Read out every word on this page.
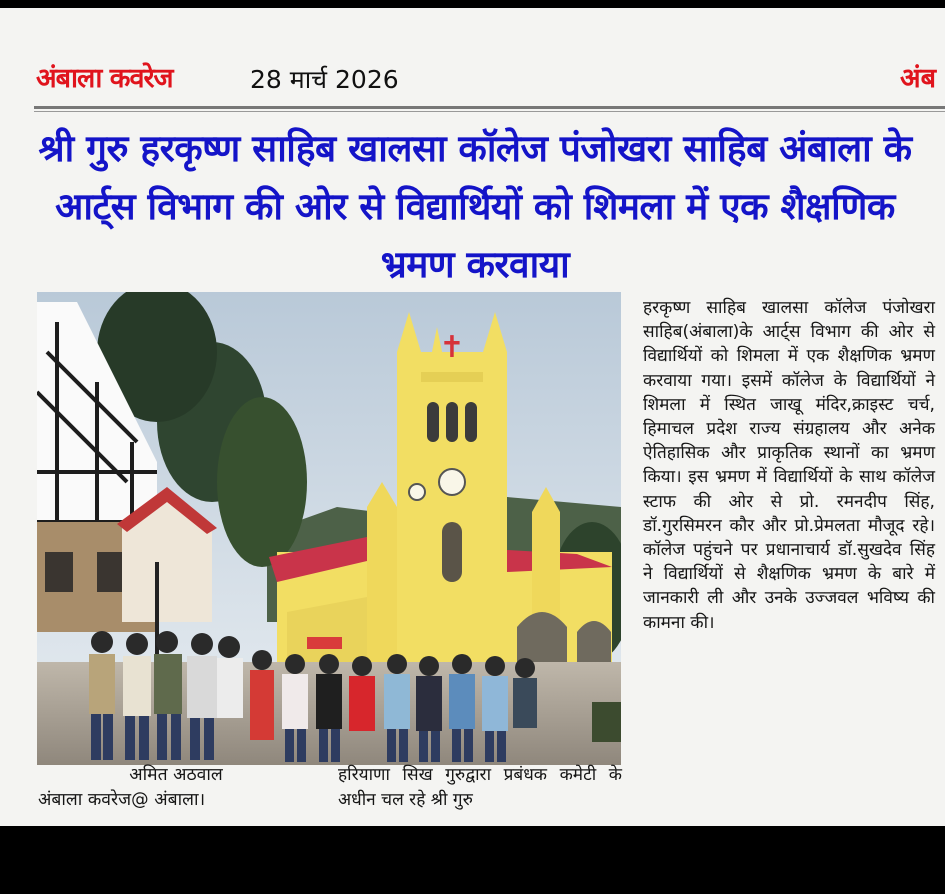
अंबाला कवरेज	28 मार्च 2026	अंब
श्री गुरु हरकृष्ण साहिब खालसा कॉलेज पंजोखरा साहिब अंबाला के आर्ट्स विभाग की ओर से विद्यार्थियों को शिमला में एक शैक्षणिक भ्रमण करवाया
✝
हरकृष्ण साहिब खालसा कॉलेज पंजोखरा साहिब(अंबाला)के आर्ट्स विभाग की ओर से विद्यार्थियों को शिमला में एक शैक्षणिक भ्रमण करवाया गया। इसमें कॉलेज के विद्यार्थियों ने शिमला में स्थित जाखू मंदिर,क्राइस्ट चर्च, हिमाचल प्रदेश राज्य संग्रहालय और अनेक ऐतिहासिक और प्राकृतिक स्थानों का भ्रमण किया। इस भ्रमण में विद्यार्थियों के साथ कॉलेज स्टाफ की ओर से प्रो. रमनदीप सिंह, डॉ.गुरसिमरन कौर और प्रो.प्रेमलता मौजूद रहे। कॉलेज पहुंचने पर प्रधानाचार्य डॉ.सुखदेव सिंह ने विद्यार्थियों से शैक्षणिक भ्रमण के बारे में जानकारी ली और उनके उज्जवल भविष्य की कामना की।
अमित अठवाल
अंबाला कवरेज@ अंबाला।
हरियाणा सिख गुरुद्वारा प्रबंधक कमेटी के अधीन चल रहे श्री गुरु
